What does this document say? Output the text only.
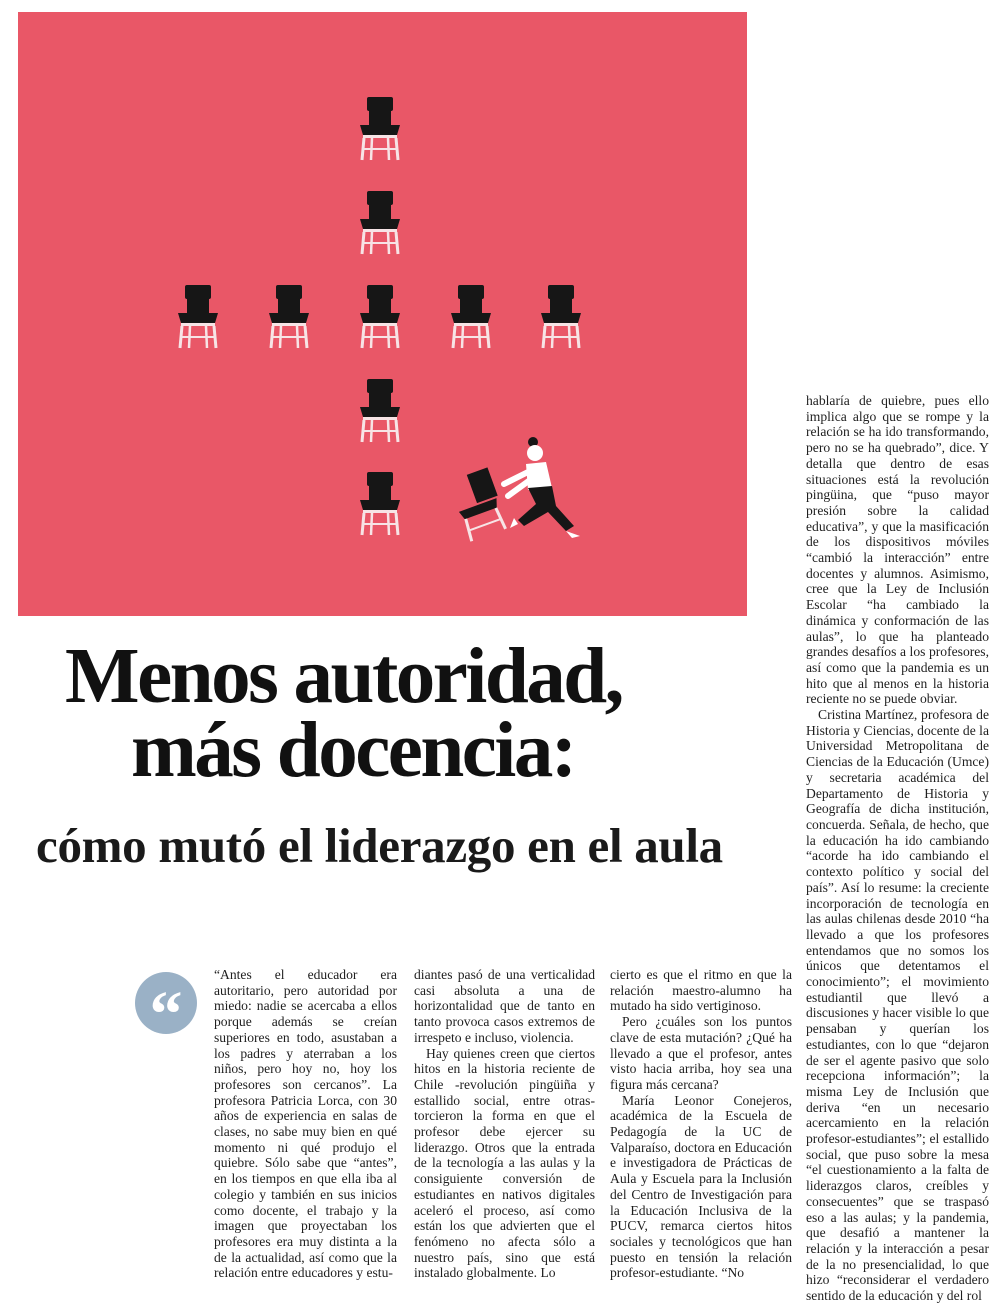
Menos autoridad,
más docencia:
cómo mutó el liderazgo en el aula
“

“Antes el educador era autoritario, pero autoridad por miedo: nadie se acercaba a ellos porque además se creían superiores en todo, asustaban a los padres y aterraban a los niños, pero hoy no, hoy los profesores son cercanos”. La profesora Patricia Lorca, con 30 años de experiencia en salas de clases, no sabe muy bien en qué momento ni qué produjo el quiebre. Sólo sabe que “antes”, en los tiempos en que ella iba al colegio y también en sus inicios como docente, el trabajo y la imagen que proyectaban los profesores era muy distinta a la de la actualidad, así como que la relación entre educadores y estu-

diantes pasó de una verticalidad casi absoluta a una de horizontalidad que de tanto en tanto provoca casos extremos de irrespeto e incluso, violencia.

Hay quienes creen que ciertos hitos en la historia reciente de Chile -revolución pingüiña y estallido social, entre otras- torcieron la forma en que el profesor debe ejercer su liderazgo. Otros que la entrada de la tecnología a las aulas y la consiguiente conversión de estudiantes en nativos digitales aceleró el proceso, así como están los que advierten que el fenómeno no afecta sólo a nuestro país, sino que está instalado globalmente. Lo

cierto es que el ritmo en que la relación maestro-alumno ha mutado ha sido vertiginoso.

Pero ¿cuáles son los puntos clave de esta mutación? ¿Qué ha llevado a que el profesor, antes visto hacia arriba, hoy sea una figura más cercana?

María Leonor Conejeros, académica de la Escuela de Pedagogía de la UC de Valparaíso, doctora en Educación e investigadora de Prácticas de Aula y Escuela para la Inclusión del Centro de Investigación para la Educación Inclusiva de la PUCV, remarca ciertos hitos sociales y tecnológicos que han puesto en tensión la relación profesor-estudiante. “No

hablaría de quiebre, pues ello implica algo que se rompe y la relación se ha ido transformando, pero no se ha quebrado”, dice. Y detalla que dentro de esas situaciones está la revolución pingüina, que “puso mayor presión sobre la calidad educativa”, y que la masificación de los dispositivos móviles “cambió la interacción” entre docentes y alumnos. Asimismo, cree que la Ley de Inclusión Escolar “ha cambiado la dinámica y conformación de las aulas”, lo que ha planteado grandes desafíos a los profesores, así como que la pandemia es un hito que al menos en la historia reciente no se puede obviar.

Cristina Martínez, profesora de Historia y Ciencias, docente de la Universidad Metropolitana de Ciencias de la Educación (Umce) y secretaria académica del Departamento de Historia y Geografía de dicha institución, concuerda. Señala, de hecho, que la educación ha ido cambiando “acorde ha ido cambiando el contexto político y social del país”. Así lo resume: la creciente incorporación de tecnología en las aulas chilenas desde 2010 “ha llevado a que los profesores entendamos que no somos los únicos que detentamos el conocimiento”; el movimiento estudiantil que llevó a discusiones y hacer visible lo que pensaban y querían los estudiantes, con lo que “dejaron de ser el agente pasivo que solo recepciona información”; la misma Ley de Inclusión que deriva “en un necesario acercamiento en la relación profesor-estudiantes”; el estallido social, que puso sobre la mesa “el cuestionamiento a la falta de liderazgos claros, creíbles y consecuentes” que se traspasó eso a las aulas; y la pandemia, que desafió a mantener la relación y la interacción a pesar de la no presencialidad, lo que hizo “reconsiderar el verdadero sentido de la educación y del rol
